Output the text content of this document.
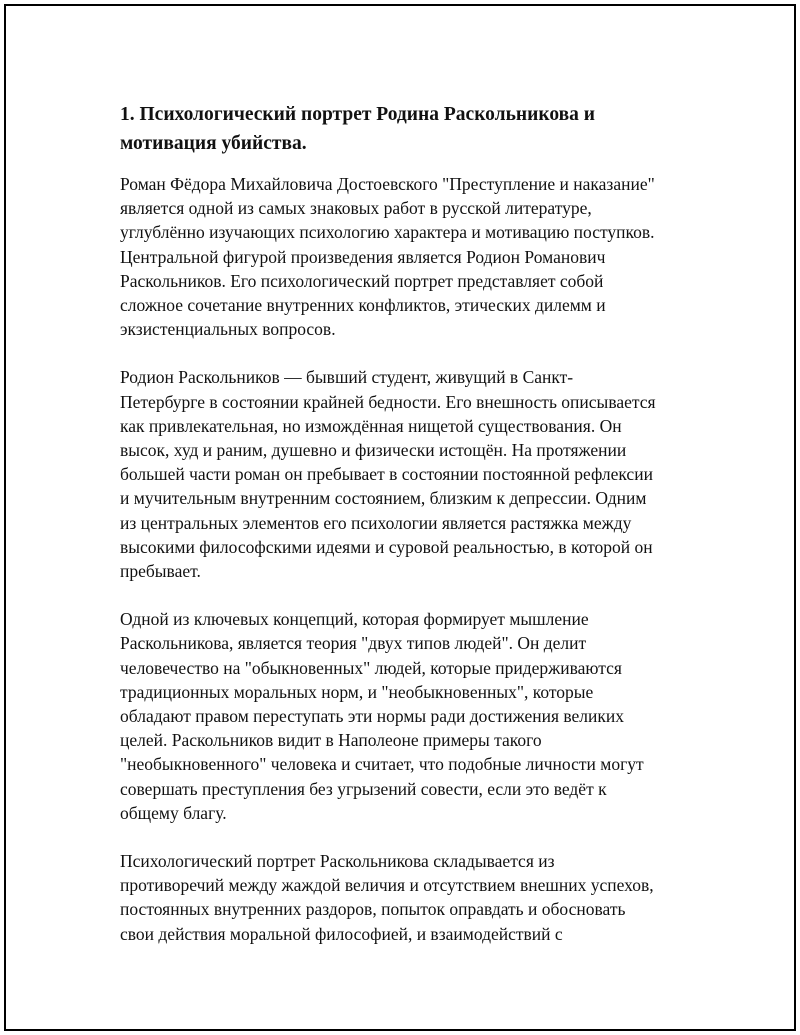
1. Психологический портрет Родина Раскольникова и
мотивация убийства.
Роман Фёдора Михайловича Достоевского "Преступление и наказание"
является одной из самых знаковых работ в русской литературе,
углублённо изучающих психологию характера и мотивацию поступков.
Центральной фигурой произведения является Родион Романович
Раскольников. Его психологический портрет представляет собой
сложное сочетание внутренних конфликтов, этических дилемм и
экзистенциальных вопросов.
Родион Раскольников — бывший студент, живущий в Санкт-
Петербурге в состоянии крайней бедности. Его внешность описывается
как привлекательная, но измождённая нищетой существования. Он
высок, худ и раним, душевно и физически истощён. На протяжении
большей части роман он пребывает в состоянии постоянной рефлексии
и мучительным внутренним состоянием, близким к депрессии. Одним
из центральных элементов его психологии является растяжка между
высокими философскими идеями и суровой реальностью, в которой он
пребывает.
Одной из ключевых концепций, которая формирует мышление
Раскольникова, является теория "двух типов людей". Он делит
человечество на "обыкновенных" людей, которые придерживаются
традиционных моральных норм, и "необыкновенных", которые
обладают правом переступать эти нормы ради достижения великих
целей. Раскольников видит в Наполеоне примеры такого
"необыкновенного" человека и считает, что подобные личности могут
совершать преступления без угрызений совести, если это ведёт к
общему благу.
Психологический портрет Раскольникова складывается из
противоречий между жаждой величия и отсутствием внешних успехов,
постоянных внутренних раздоров, попыток оправдать и обосновать
свои действия моральной философией, и взаимодействий с
